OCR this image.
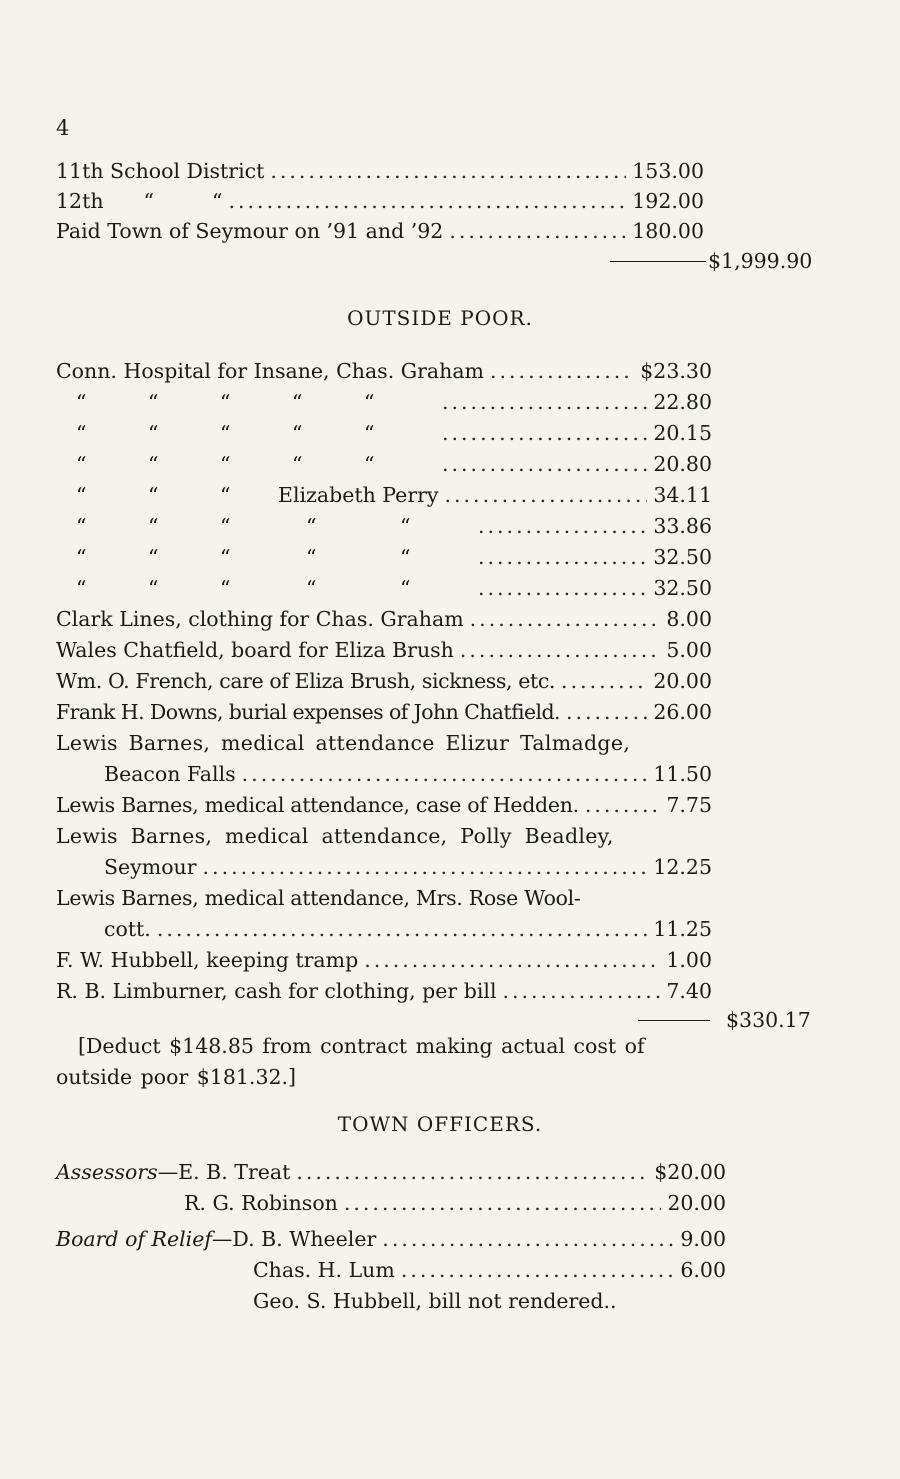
4
11th School District .....	153.00
12th “	“ .....	192.00
Paid Town of Seymour on ’91 and ’92 .....	180.00
$1,999.90
OUTSIDE POOR.
Conn. Hospital for Insane, Chas. Graham .....	$23.30
“	“	“	“	“ .....	22.80
“	“	“	“	“ .....	20.15
“	“	“	“	“ .....	20.80
“	“	“	Elizabeth Perry .....	34.11
“	“	“	“	“ .....	33.86
“	“	“	“	“ .....	32.50
“	“	“	“	“ .....	32.50
Clark Lines, clothing for Chas. Graham .....	8.00
Wales Chatfield, board for Eliza Brush .....	5.00
Wm. O. French, care of Eliza Brush, sickness, etc. .....	20.00
Frank H. Downs, burial expenses of John Chatfield. .....	26.00
Lewis Barnes, medical attendance Elizur Talmadge,
Beacon Falls .....	11.50
Lewis Barnes, medical attendance, case of Hedden. .....	7.75
Lewis Barnes, medical attendance, Polly Beadley,
Seymour .....	12.25
Lewis Barnes, medical attendance, Mrs. Rose Wool-
cott. .....	11.25
F. W. Hubbell, keeping tramp .....	1.00
R. B. Limburner, cash for clothing, per bill .....	7.40
$330.17
[Deduct $148.85 from contract making actual cost of outside poor $181.32.]
TOWN OFFICERS.
Assessors — E. B. Treat .....	$20.00
R. G. Robinson .....	20.00
Board of Relief — D. B. Wheeler .....	9.00
Chas. H. Lum .....	6.00
Geo. S. Hubbell, bill not rendered..
